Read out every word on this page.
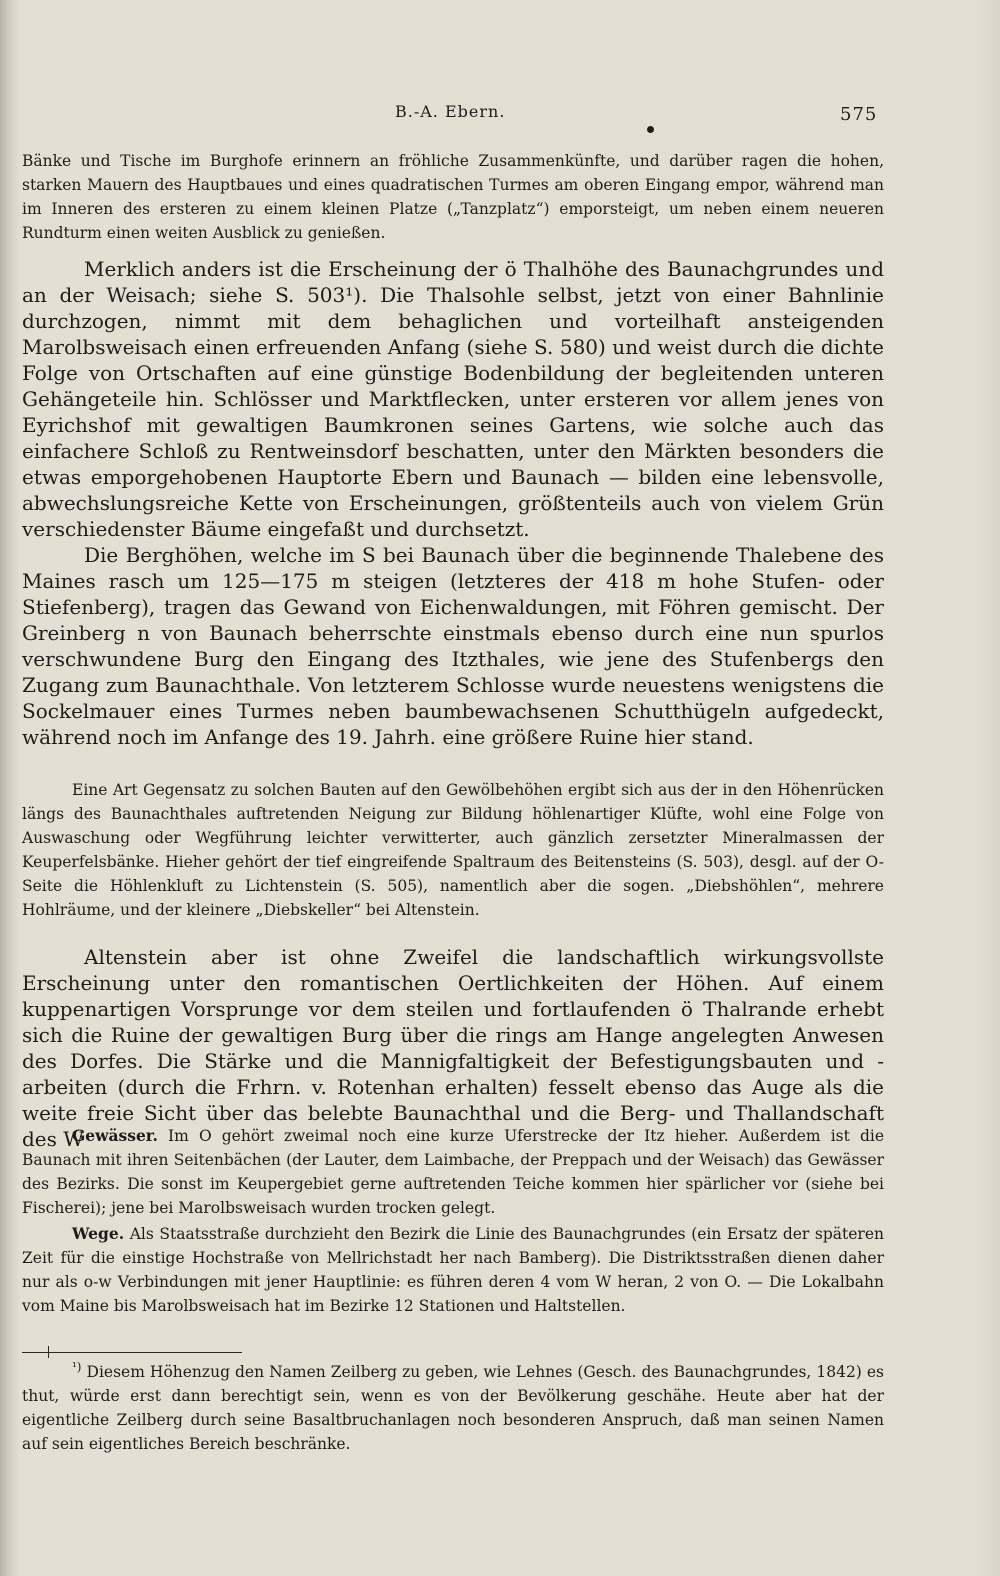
B.-A. Ebern.	575

Bänke und Tische im Burghofe erinnern an fröhliche Zusammenkünfte, und darüber ragen die hohen, starken Mauern des Hauptbaues und eines quadratischen Turmes am oberen Eingang empor, während man im Inneren des ersteren zu einem kleinen Platze („Tanzplatz“) emporsteigt, um neben einem neueren Rundturm einen weiten Ausblick zu genießen.

Merklich anders ist die Erscheinung der ö Thalhöhe des Baunachgrundes und an der Weisach; siehe S. 503¹). Die Thalsohle selbst, jetzt von einer Bahnlinie durchzogen, nimmt mit dem behaglichen und vorteilhaft ansteigenden Marolbsweisach einen erfreuenden Anfang (siehe S. 580) und weist durch die dichte Folge von Ortschaften auf eine günstige Bodenbildung der begleitenden unteren Gehängeteile hin. Schlösser und Marktflecken, unter ersteren vor allem jenes von Eyrichshof mit gewaltigen Baumkronen seines Gartens, wie solche auch das einfachere Schloß zu Rentweinsdorf beschatten, unter den Märkten besonders die etwas emporgehobenen Hauptorte Ebern und Baunach — bilden eine lebensvolle, abwechslungsreiche Kette von Erscheinungen, größtenteils auch von vielem Grün verschiedenster Bäume eingefaßt und durchsetzt.

Die Berghöhen, welche im S bei Baunach über die beginnende Thalebene des Maines rasch um 125—175 m steigen (letzteres der 418 m hohe Stufen- oder Stiefenberg), tragen das Gewand von Eichenwaldungen, mit Föhren gemischt. Der Greinberg n von Baunach beherrschte einstmals ebenso durch eine nun spurlos verschwundene Burg den Eingang des Itzthales, wie jene des Stufenbergs den Zugang zum Baunachthale. Von letzterem Schlosse wurde neuestens wenigstens die Sockelmauer eines Turmes neben baumbewachsenen Schutthügeln aufgedeckt, während noch im Anfange des 19. Jahrh. eine größere Ruine hier stand.

Eine Art Gegensatz zu solchen Bauten auf den Gewölbehöhen ergibt sich aus der in den Höhenrücken längs des Baunachthales auftretenden Neigung zur Bildung höhlenartiger Klüfte, wohl eine Folge von Auswaschung oder Wegführung leichter verwitterter, auch gänzlich zersetzter Mineralmassen der Keuperfelsbänke. Hieher gehört der tief eingreifende Spaltraum des Beitensteins (S. 503), desgl. auf der O-Seite die Höhlenkluft zu Lichtenstein (S. 505), namentlich aber die sogen. „Diebshöhlen“, mehrere Hohlräume, und der kleinere „Diebskeller“ bei Altenstein.

Altenstein aber ist ohne Zweifel die landschaftlich wirkungsvollste Erscheinung unter den romantischen Oertlichkeiten der Höhen. Auf einem kuppenartigen Vorsprunge vor dem steilen und fortlaufenden ö Thalrande erhebt sich die Ruine der gewaltigen Burg über die rings am Hange angelegten Anwesen des Dorfes. Die Stärke und die Mannigfaltigkeit der Befestigungsbauten und -arbeiten (durch die Frhrn. v. Rotenhan erhalten) fesselt ebenso das Auge als die weite freie Sicht über das belebte Baunachthal und die Berg- und Thallandschaft des W

Gewässer. Im O gehört zweimal noch eine kurze Uferstrecke der Itz hieher. Außerdem ist die Baunach mit ihren Seitenbächen (der Lauter, dem Laimbache, der Preppach und der Weisach) das Gewässer des Bezirks. Die sonst im Keupergebiet gerne auftretenden Teiche kommen hier spärlicher vor (siehe bei Fischerei); jene bei Marolbsweisach wurden trocken gelegt.

Wege. Als Staatsstraße durchzieht den Bezirk die Linie des Baunachgrundes (ein Ersatz der späteren Zeit für die einstige Hochstraße von Mellrichstadt her nach Bamberg). Die Distriktsstraßen dienen daher nur als o-w Verbindungen mit jener Hauptlinie: es führen deren 4 vom W heran, 2 von O. — Die Lokalbahn vom Maine bis Marolbsweisach hat im Bezirke 12 Stationen und Haltstellen.

$^{^1)}$ Diesem Höhenzug den Namen Zeilberg zu geben, wie Lehnes (Gesch. des Baunachgrundes, 1842) es thut, würde erst dann berechtigt sein, wenn es von der Bevölkerung geschähe. Heute aber hat der eigentliche Zeilberg durch seine Basaltbruchanlagen noch besonderen Anspruch, daß man seinen Namen auf sein eigentliches Bereich beschränke.
